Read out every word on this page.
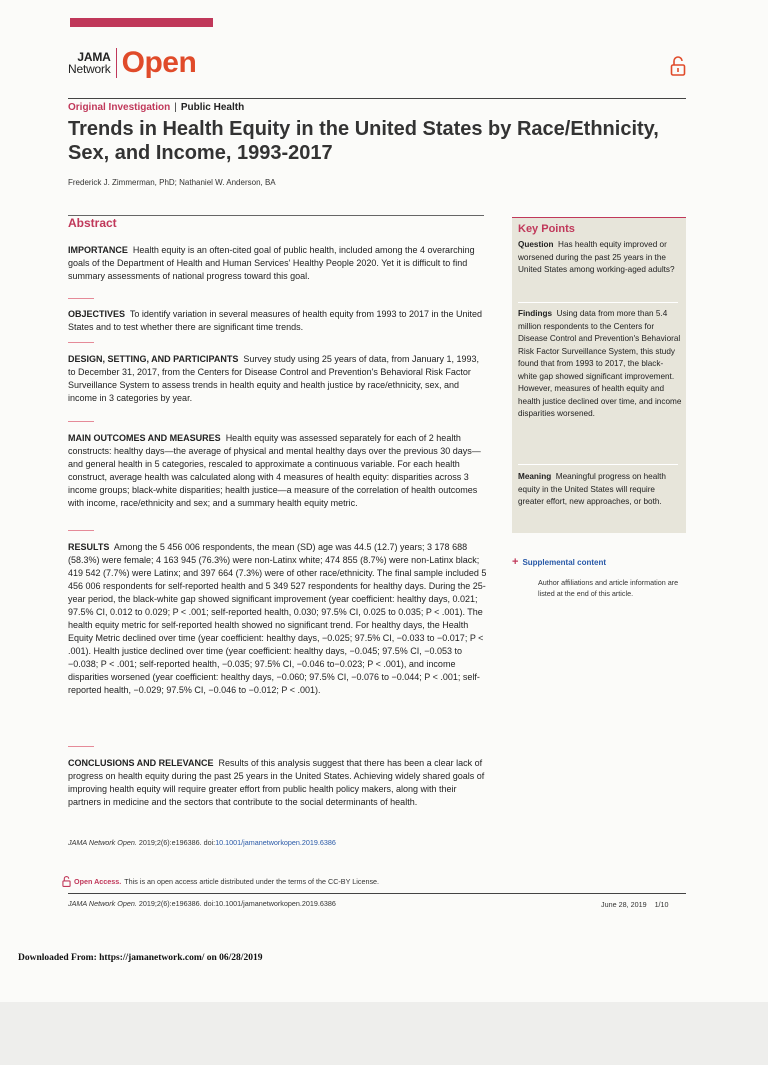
JAMA
Network Open
Original Investigation | Public Health
Trends in Health Equity in the United States by Race/Ethnicity, Sex, and Income, 1993-2017
Frederick J. Zimmerman, PhD; Nathaniel W. Anderson, BA
Abstract

IMPORTANCE Health equity is an often-cited goal of public health, included among the 4 overarching goals of the Department of Health and Human Services' Healthy People 2020. Yet it is difficult to find summary assessments of national progress toward this goal.

OBJECTIVES To identify variation in several measures of health equity from 1993 to 2017 in the United States and to test whether there are significant time trends.

DESIGN, SETTING, AND PARTICIPANTS Survey study using 25 years of data, from January 1, 1993, to December 31, 2017, from the Centers for Disease Control and Prevention's Behavioral Risk Factor Surveillance System to assess trends in health equity and health justice by race/ethnicity, sex, and income in 3 categories by year.

MAIN OUTCOMES AND MEASURES Health equity was assessed separately for each of 2 health constructs: healthy days—the average of physical and mental healthy days over the previous 30 days—and general health in 5 categories, rescaled to approximate a continuous variable. For each health construct, average health was calculated along with 4 measures of health equity: disparities across 3 income groups; black-white disparities; health justice—a measure of the correlation of health outcomes with income, race/ethnicity and sex; and a summary health equity metric.

RESULTS Among the 5 456 006 respondents, the mean (SD) age was 44.5 (12.7) years; 3 178 688 (58.3%) were female; 4 163 945 (76.3%) were non-Latinx white; 474 855 (8.7%) were non-Latinx black; 419 542 (7.7%) were Latinx; and 397 664 (7.3%) were of other race/ethnicity. The final sample included 5 456 006 respondents for self-reported health and 5 349 527 respondents for healthy days. During the 25-year period, the black-white gap showed significant improvement (year coefficient: healthy days, 0.021; 97.5% CI, 0.012 to 0.029; P < .001; self-reported health, 0.030; 97.5% CI, 0.025 to 0.035; P < .001). The health equity metric for self-reported health showed no significant trend. For healthy days, the Health Equity Metric declined over time (year coefficient: healthy days, −0.025; 97.5% CI, −0.033 to −0.017; P < .001). Health justice declined over time (year coefficient: healthy days, −0.045; 97.5% CI, −0.053 to −0.038; P < .001; self-reported health, −0.035; 97.5% CI, −0.046 to−0.023; P < .001), and income disparities worsened (year coefficient: healthy days, −0.060; 97.5% CI, −0.076 to −0.044; P < .001; self-reported health, −0.029; 97.5% CI, −0.046 to −0.012; P < .001).

CONCLUSIONS AND RELEVANCE Results of this analysis suggest that there has been a clear lack of progress on health equity during the past 25 years in the United States. Achieving widely shared goals of improving health equity will require greater effort from public health policy makers, along with their partners in medicine and the sectors that contribute to the social determinants of health.

Key Points
Question Has health equity improved or worsened during the past 25 years in the United States among working-aged adults?
Findings Using data from more than 5.4 million respondents to the Centers for Disease Control and Prevention's Behavioral Risk Factor Surveillance System, this study found that from 1993 to 2017, the black-white gap showed significant improvement. However, measures of health equity and health justice declined over time, and income disparities worsened.
Meaning Meaningful progress on health equity in the United States will require greater effort, new approaches, or both.
+ Supplemental content
Author affiliations and article information are listed at the end of this article.
JAMA Network Open. 2019;2(6):e196386. doi:10.1001/jamanetworkopen.2019.6386
Open Access. This is an open access article distributed under the terms of the CC-BY License.
JAMA Network Open. 2019;2(6):e196386. doi:10.1001/jamanetworkopen.2019.6386	June 28, 2019 1/10
Downloaded From: https://jamanetwork.com/ on 06/28/2019
